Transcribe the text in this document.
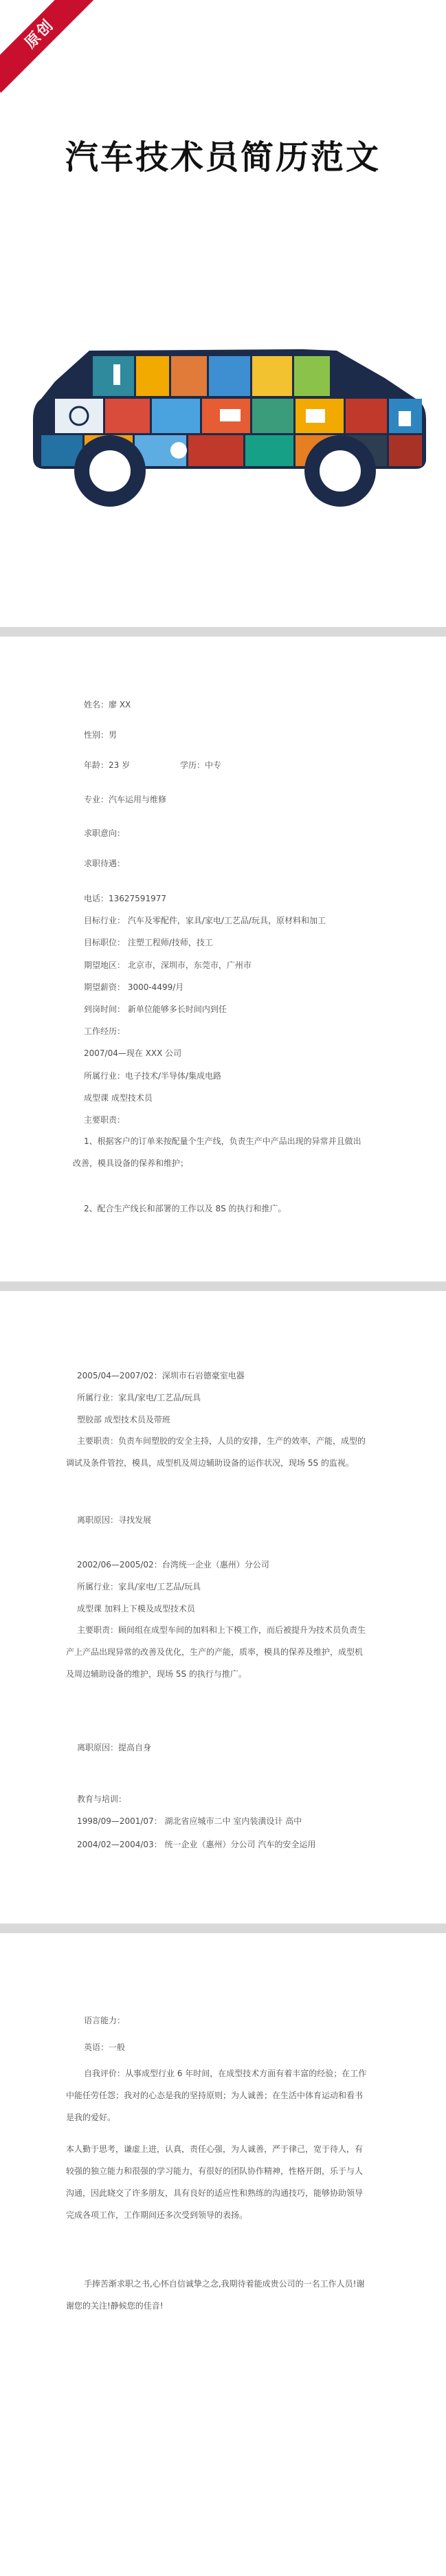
原创
汽车技术员简历范文
姓名：廖 XX
性别：男
年龄：23 岁	学历：中专
专业：汽车运用与维修
求职意向：
求职待遇：
电话：13627591977
目标行业： 汽车及零配件，家具/家电/工艺品/玩具，原材料和加工
目标职位： 注塑工程师/技师，技工
期望地区： 北京市，深圳市，东莞市，广州市
期望薪资： 3000-4499/月
到岗时间： 新单位能够多长时间内到任
工作经历：
2007/04—现在 XXX 公司
所属行业：电子技术/半导体/集成电路
成型课 成型技术员
主要职责：
1、根据客户的订单来按配量个生产线，负责生产中产品出现的异常并且做出改善，模具设备的保养和维护；
2、配合生产线长和部署的工作以及 8S 的执行和推广。
2005/04—2007/02：深圳市石岩德豪室电器
所属行业：家具/家电/工艺品/玩具
塑胶部 成型技术员及带班
主要职责：负责车间塑胶的安全主持，人员的安排，生产的效率，产能，成型的调试及条件管控，模具，成型机及周边辅助设备的运作状况，现场 5S 的监视。
离职原因：寻找发展
2002/06—2005/02：台湾统一企业（惠州）分公司
所属行业：家具/家电/工艺品/玩具
成型课 加料上下模及成型技术员
主要职责：顾间组在成型车间的加料和上下模工作，而后被提升为技术员负责生产上产品出现异常的改善及优化，生产的产能，质率，模具的保养及维护，成型机及周边辅助设备的维护，现场 5S 的执行与推广。
离职原因：提高自身
教育与培训：
1998/09—2001/07： 湖北省应城市二中 室内装潢设计 高中
2004/02—2004/03： 统一企业（惠州）分公司 汽车的安全运用
语言能力：
英语：一般
自我评价：从事成型行业 6 年时间，在成型技术方面有着丰富的经验；在工作中能任劳任怨；我对的心态是我的坚持原则；为人诚善；在生活中体育运动和看书是我的爱好。
本人勤于思考，谦虚上进，认真，责任心强，为人诚善，严于律己，宽于待人，有较强的独立能力和很强的学习能力，有很好的团队协作精神，性格开朗，乐于与人沟通，因此晓交了许多朋友，具有良好的适应性和熟练的沟通技巧，能够协助领导完成各项工作，工作期间还多次受到领导的表扬。
手捧苦渐求职之书,心怀自信诚挚之念,我期待着能成贵公司的一名工作人员!谢谢您的关注!静候您的佳音!
